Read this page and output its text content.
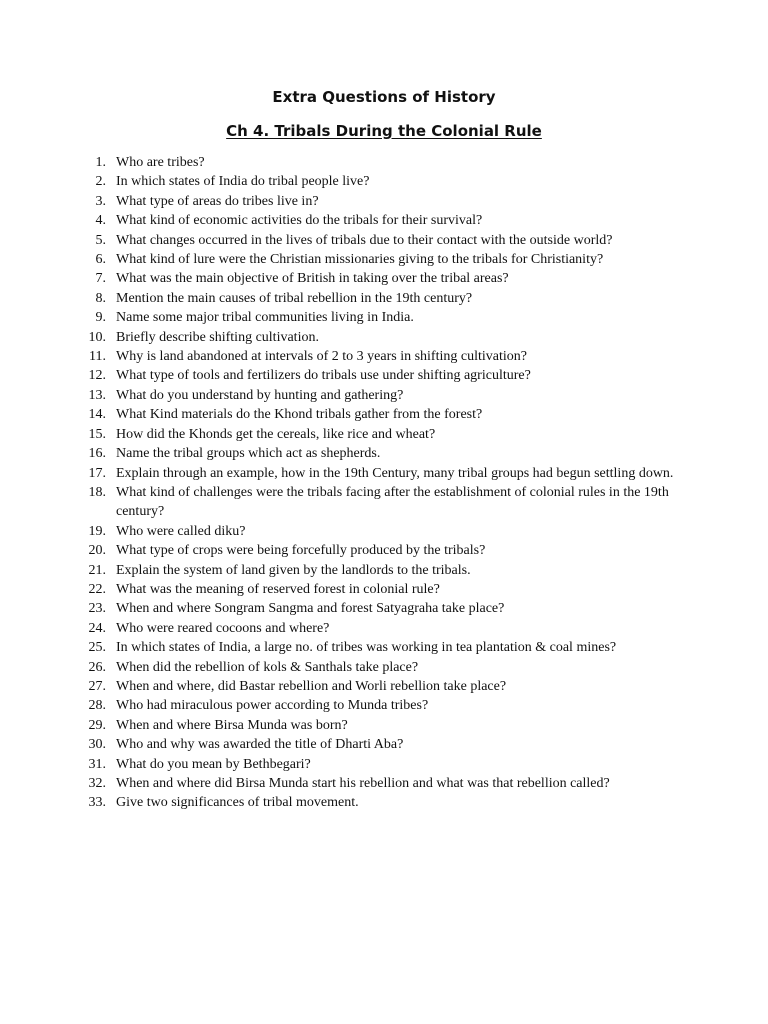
Extra Questions of History
Ch 4. Tribals During the Colonial Rule
1. Who are tribes?
2. In which states of India do tribal people live?
3. What type of areas do tribes live in?
4. What kind of economic activities do the tribals for their survival?
5. What changes occurred in the lives of tribals due to their contact with the outside world?
6. What kind of lure were the Christian missionaries giving to the tribals for Christianity?
7. What was the main objective of British in taking over the tribal areas?
8. Mention the main causes of tribal rebellion in the 19th century?
9. Name some major tribal communities living in India.
10. Briefly describe shifting cultivation.
11. Why is land abandoned at intervals of 2 to 3 years in shifting cultivation?
12. What type of tools and fertilizers do tribals use under shifting agriculture?
13. What do you understand by hunting and gathering?
14. What Kind materials do the Khond tribals gather from the forest?
15. How did the Khonds get the cereals, like rice and wheat?
16. Name the tribal groups which act as shepherds.
17. Explain through an example, how in the 19th Century, many tribal groups had begun settling down.
18. What kind of challenges were the tribals facing after the establishment of colonial rules in the 19th century?
19. Who were called diku?
20. What type of crops were being forcefully produced by the tribals?
21. Explain the system of land given by the landlords to the tribals.
22. What was the meaning of reserved forest in colonial rule?
23. When and where Songram Sangma and forest Satyagraha take place?
24. Who were reared cocoons and where?
25. In which states of India, a large no. of tribes was working in tea plantation & coal mines?
26. When did the rebellion of kols & Santhals take place?
27. When and where, did Bastar rebellion and Worli rebellion take place?
28. Who had miraculous power according to Munda tribes?
29. When and where Birsa Munda was born?
30. Who and why was awarded the title of Dharti Aba?
31. What do you mean by Bethbegari?
32. When and where did Birsa Munda start his rebellion and what was that rebellion called?
33. Give two significances of tribal movement.
